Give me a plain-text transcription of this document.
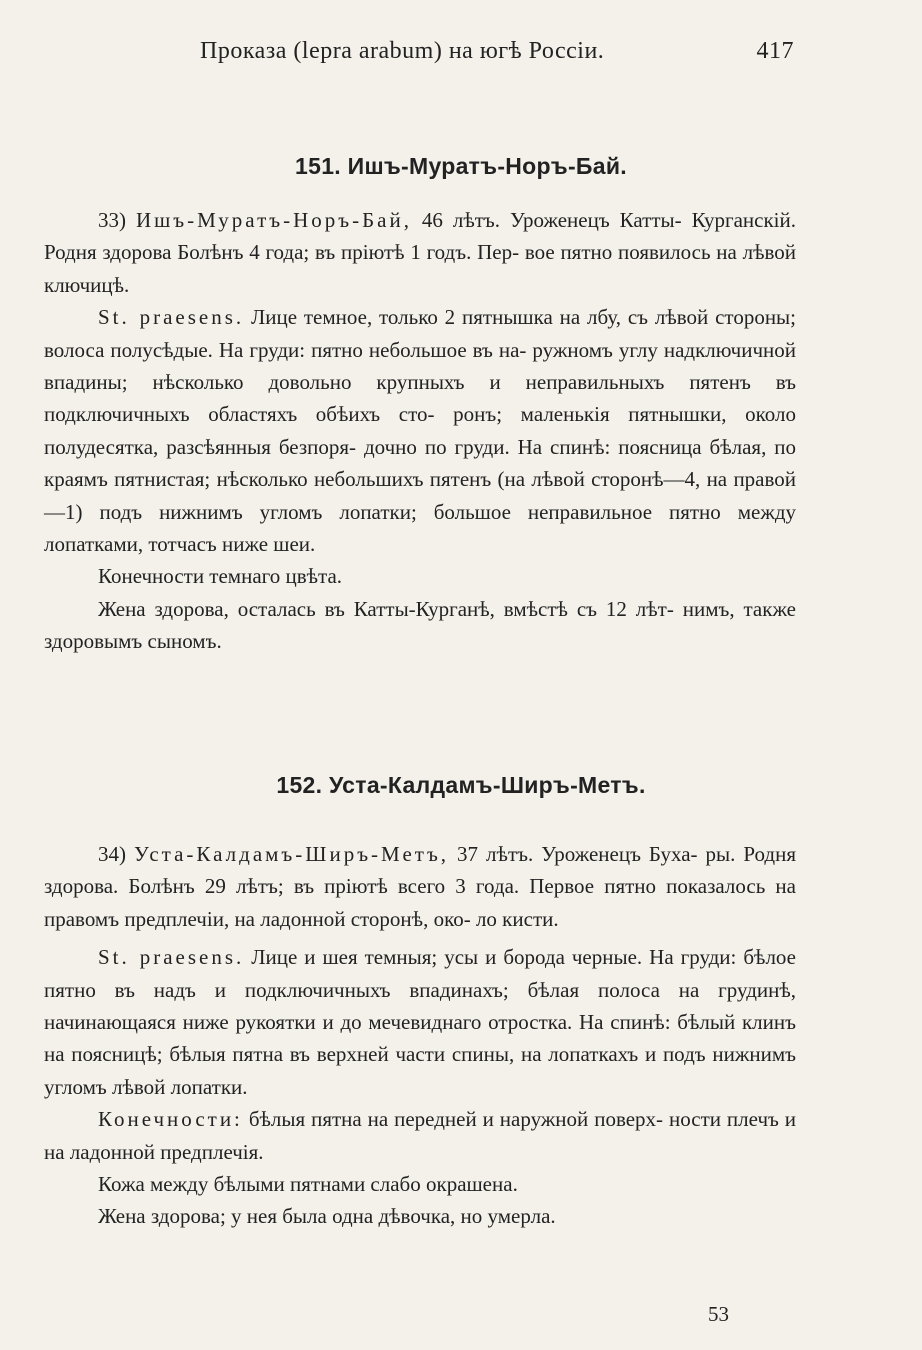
Проказа (lepra arabum) на югѣ Россіи.	417
151. Ишъ-Муратъ-Норъ-Бай.

33) Ишъ-Муратъ-Норъ-Бай, 46 лѣтъ. Уроженецъ Катты- Курганскій. Родня здорова Болѣнъ 4 года; въ пріютѣ 1 годъ. Пер- вое пятно появилось на лѣвой ключицѣ.

St. praesens. Лице темное, только 2 пятнышка на лбу, съ лѣвой стороны; волоса полусѣдые. На груди: пятно небольшое въ на- ружномъ углу надключичной впадины; нѣсколько довольно крупныхъ и неправильныхъ пятенъ въ подключичныхъ областяхъ обѣихъ сто- ронъ; маленькія пятнышки, около полудесятка, разсѣянныя безпоря- дочно по груди. На спинѣ: поясница бѣлая, по краямъ пятнистая; нѣсколько небольшихъ пятенъ (на лѣвой сторонѣ—4, на правой—1) подъ нижнимъ угломъ лопатки; большое неправильное пятно между лопатками, тотчасъ ниже шеи.

Конечности темнаго цвѣта.

Жена здорова, осталась въ Катты-Курганѣ, вмѣстѣ съ 12 лѣт- нимъ, также здоровымъ сыномъ.

152. Уста-Калдамъ-Ширъ-Метъ.

34) Уста-Калдамъ-Ширъ-Метъ, 37 лѣтъ. Уроженецъ Буха- ры. Родня здорова. Болѣнъ 29 лѣтъ; въ пріютѣ всего 3 года. Первое пятно показалось на правомъ предплечіи, на ладонной сторонѣ, око- ло кисти.

St. praesens. Лице и шея темныя; усы и борода черные. На груди: бѣлое пятно въ надъ и подключичныхъ впадинахъ; бѣлая полоса на грудинѣ, начинающаяся ниже рукоятки и до мечевиднаго отростка. На спинѣ: бѣлый клинъ на поясницѣ; бѣлыя пятна въ верхней части спины, на лопаткахъ и подъ нижнимъ угломъ лѣвой лопатки.

Конечности: бѣлыя пятна на передней и наружной поверх- ности плечъ и на ладонной предплечія.

Кожа между бѣлыми пятнами слабо окрашена.

Жена здорова; у нея была одна дѣвочка, но умерла.

53
